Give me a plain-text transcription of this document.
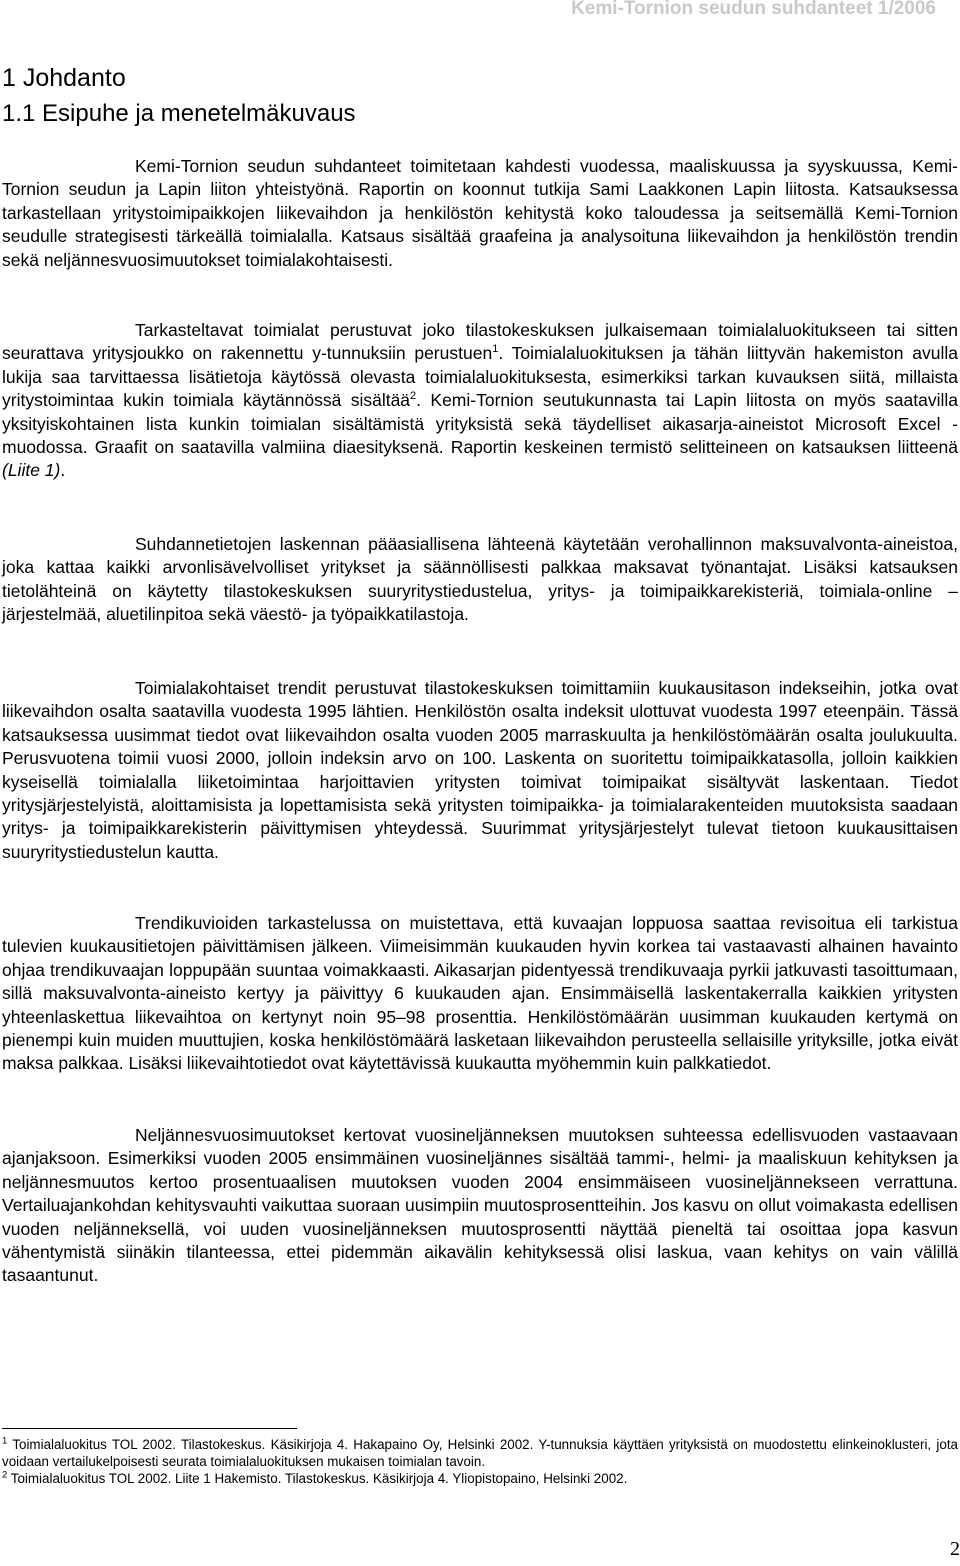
Kemi-Tornion seudun suhdanteet 1/2006
1 Johdanto
1.1 Esipuhe ja menetelmäkuvaus

Kemi-Tornion seudun suhdanteet toimitetaan kahdesti vuodessa, maaliskuussa ja syyskuussa, Kemi-Tornion seudun ja Lapin liiton yhteistyönä. Raportin on koonnut tutkija Sami Laakkonen Lapin liitosta. Katsauksessa tarkastellaan yritystoimipaikkojen liikevaihdon ja henkilöstön kehitystä koko taloudessa ja seitsemällä Kemi-Tornion seudulle strategisesti tärkeällä toimialalla. Katsaus sisältää graafeina ja analysoituna liikevaihdon ja henkilöstön trendin sekä neljännesvuosimuutokset toimialakohtaisesti.

Tarkasteltavat toimialat perustuvat joko tilastokeskuksen julkaisemaan toimialaluokitukseen tai sitten seurattava yritysjoukko on rakennettu y-tunnuksiin perustuen$^1$. Toimialaluokituksen ja tähän liittyvän hakemiston avulla lukija saa tarvittaessa lisätietoja käytössä olevasta toimialaluokituksesta, esimerkiksi tarkan kuvauksen siitä, millaista yritystoimintaa kukin toimiala käytännössä sisältää$^2$. Kemi-Tornion seutukunnasta tai Lapin liitosta on myös saatavilla yksityiskohtainen lista kunkin toimialan sisältämistä yrityksistä sekä täydelliset aikasarja-aineistot Microsoft Excel -muodossa. Graafit on saatavilla valmiina diaesityksenä. Raportin keskeinen termistö selitteineen on katsauksen liitteenä (Liite 1).

Suhdannetietojen laskennan pääasiallisena lähteenä käytetään verohallinnon maksuvalvonta-aineistoa, joka kattaa kaikki arvonlisävelvolliset yritykset ja säännöllisesti palkkaa maksavat työnantajat. Lisäksi katsauksen tietolähteinä on käytetty tilastokeskuksen suuryritystiedustelua, yritys- ja toimipaikkarekisteriä, toimiala-online –järjestelmää, aluetilinpitoa sekä väestö- ja työpaikkatilastoja.

Toimialakohtaiset trendit perustuvat tilastokeskuksen toimittamiin kuukausitason indekseihin, jotka ovat liikevaihdon osalta saatavilla vuodesta 1995 lähtien. Henkilöstön osalta indeksit ulottuvat vuodesta 1997 eteenpäin. Tässä katsauksessa uusimmat tiedot ovat liikevaihdon osalta vuoden 2005 marraskuulta ja henkilöstömäärän osalta joulukuulta. Perusvuotena toimii vuosi 2000, jolloin indeksin arvo on 100. Laskenta on suoritettu toimipaikkatasolla, jolloin kaikkien kyseisellä toimialalla liiketoimintaa harjoittavien yritysten toimivat toimipaikat sisältyvät laskentaan. Tiedot yritysjärjestelyistä, aloittamisista ja lopettamisista sekä yritysten toimipaikka- ja toimialarakenteiden muutoksista saadaan yritys- ja toimipaikkarekisterin päivittymisen yhteydessä. Suurimmat yritysjärjestelyt tulevat tietoon kuukausittaisen suuryritystiedustelun kautta.

Trendikuvioiden tarkastelussa on muistettava, että kuvaajan loppuosa saattaa revisoitua eli tarkistua tulevien kuukausitietojen päivittämisen jälkeen. Viimeisimmän kuukauden hyvin korkea tai vastaavasti alhainen havainto ohjaa trendikuvaajan loppupään suuntaa voimakkaasti. Aikasarjan pidentyessä trendikuvaaja pyrkii jatkuvasti tasoittumaan, sillä maksuvalvonta-aineisto kertyy ja päivittyy 6 kuukauden ajan. Ensimmäisellä laskentakerralla kaikkien yritysten yhteenlaskettua liikevaihtoa on kertynyt noin 95–98 prosenttia. Henkilöstömäärän uusimman kuukauden kertymä on pienempi kuin muiden muuttujien, koska henkilöstömäärä lasketaan liikevaihdon perusteella sellaisille yrityksille, jotka eivät maksa palkkaa. Lisäksi liikevaihtotiedot ovat käytettävissä kuukautta myöhemmin kuin palkkatiedot.

Neljännesvuosimuutokset kertovat vuosineljänneksen muutoksen suhteessa edellisvuoden vastaavaan ajanjaksoon. Esimerkiksi vuoden 2005 ensimmäinen vuosineljännes sisältää tammi-, helmi- ja maaliskuun kehityksen ja neljännesmuutos kertoo prosentuaalisen muutoksen vuoden 2004 ensimmäiseen vuosineljännekseen verrattuna. Vertailuajankohdan kehitysvauhti vaikuttaa suoraan uusimpiin muutosprosentteihin. Jos kasvu on ollut voimakasta edellisen vuoden neljänneksellä, voi uuden vuosineljänneksen muutosprosentti näyttää pieneltä tai osoittaa jopa kasvun vähentymistä siinäkin tilanteessa, ettei pidemmän aikavälin kehityksessä olisi laskua, vaan kehitys on vain välillä tasaantunut.

$^1$ Toimialaluokitus TOL 2002. Tilastokeskus. Käsikirjoja 4. Hakapaino Oy, Helsinki 2002. Y-tunnuksia käyttäen yrityksistä on muodostettu elinkeinoklusteri, jota voidaan vertailukelpoisesti seurata toimialaluokituksen mukaisen toimialan tavoin.

$^2$ Toimialaluokitus TOL 2002. Liite 1 Hakemisto. Tilastokeskus. Käsikirjoja 4. Yliopistopaino, Helsinki 2002.

2
